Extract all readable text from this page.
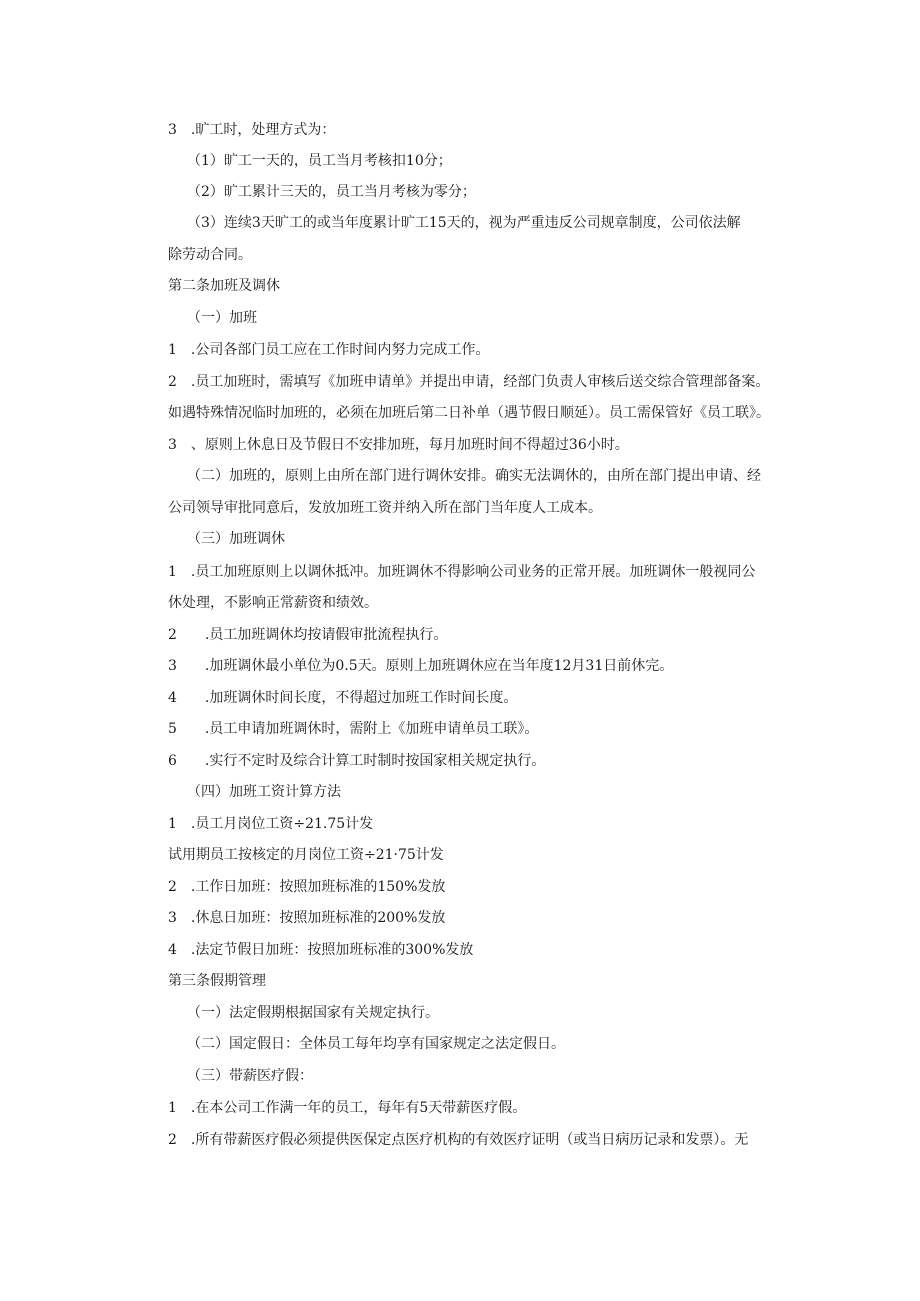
3　.旷工时，处理方式为：
（1）旷工一天的，员工当月考核扣10分；
（2）旷工累计三天的，员工当月考核为零分；
（3）连续3天旷工的或当年度累计旷工15天的，视为严重违反公司规章制度，公司依法解
除劳动合同。
第二条加班及调休
（一）加班
1　.公司各部门员工应在工作时间内努力完成工作。
2　.员工加班时，需填写《加班申请单》并提出申请，经部门负责人审核后送交综合管理部备案。
如遇特殊情况临时加班的，必须在加班后第二日补单（遇节假日顺延）。员工需保管好《员工联》。
3　、原则上休息日及节假日不安排加班，每月加班时间不得超过36小时。
（二）加班的，原则上由所在部门进行调休安排。确实无法调休的，由所在部门提出申请、经
公司领导审批同意后，发放加班工资并纳入所在部门当年度人工成本。
（三）加班调休
1　.员工加班原则上以调休抵冲。加班调休不得影响公司业务的正常开展。加班调休一般视同公
休处理，不影响正常薪资和绩效。
2　　.员工加班调休均按请假审批流程执行。
3　　.加班调休最小单位为0.5天。原则上加班调休应在当年度12月31日前休完。
4　　.加班调休时间长度，不得超过加班工作时间长度。
5　　.员工申请加班调休时，需附上《加班申请单员工联》。
6　　.实行不定时及综合计算工时制时按国家相关规定执行。
（四）加班工资计算方法
1　.员工月岗位工资÷21.75计发
试用期员工按核定的月岗位工资÷21·75计发
2　.工作日加班：按照加班标准的150%发放
3　.休息日加班：按照加班标准的200%发放
4　.法定节假日加班：按照加班标准的300%发放
第三条假期管理
（一）法定假期根据国家有关规定执行。
（二）国定假日：全体员工每年均享有国家规定之法定假日。
（三）带薪医疗假：
1　.在本公司工作满一年的员工，每年有5天带薪医疗假。
2　.所有带薪医疗假必须提供医保定点医疗机构的有效医疗证明（或当日病历记录和发票）。无
